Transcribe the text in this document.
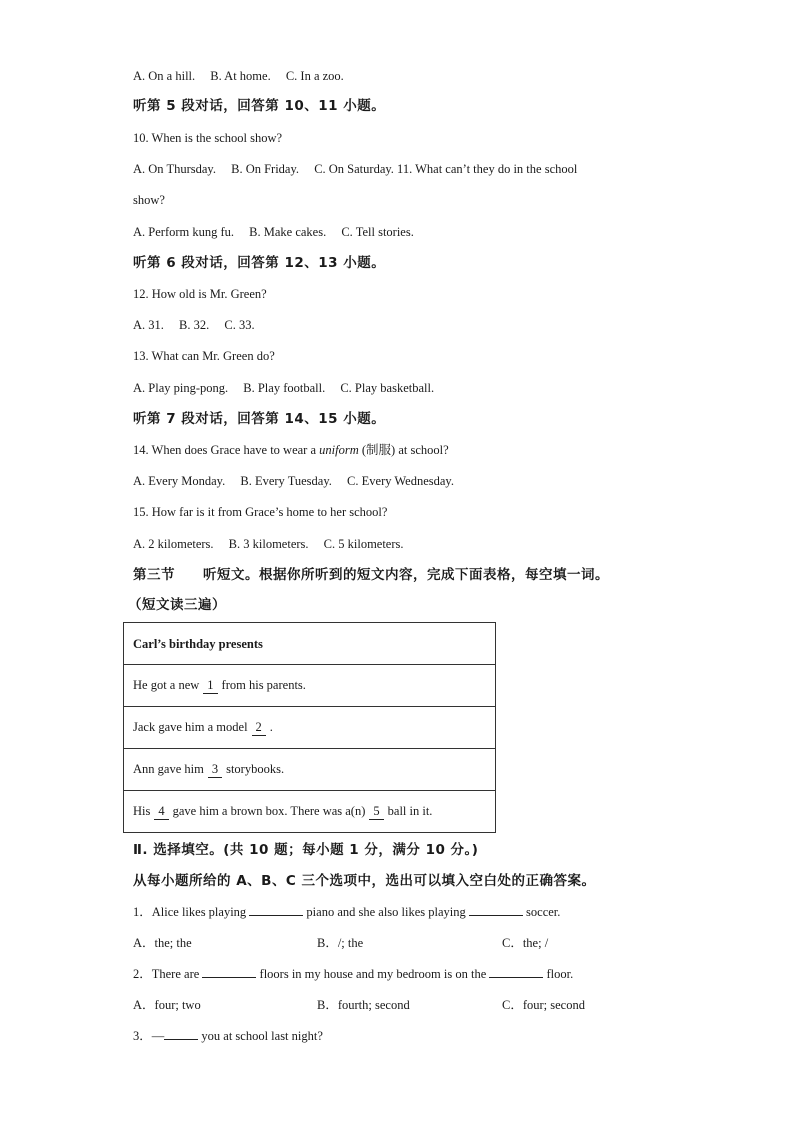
A. On a hill. B. At home. C. In a zoo.
听第 5 段对话，回答第 10、11 小题。
10. When is the school show?
A. On Thursday. B. On Friday. C. On Saturday. 11. What can’t they do in the school
show?
A. Perform kung fu. B. Make cakes. C. Tell stories.
听第 6 段对话，回答第 12、13 小题。
12. How old is Mr. Green?
A. 31. B. 32. C. 33.
13. What can Mr. Green do?
A. Play ping-pong. B. Play football. C. Play basketball.
听第 7 段对话，回答第 14、15 小题。
14. When does Grace have to wear a uniform (制服) at school?
A. Every Monday. B. Every Tuesday. C. Every Wednesday.
15. How far is it from Grace’s home to her school?
A. 2 kilometers. B. 3 kilometers. C. 5 kilometers.
第三节　　听短文。根据你所听到的短文内容，完成下面表格，每空填一词。
（短文读三遍）
Carl’s birthday presents
He got a new 1 from his parents.
Jack gave him a model 2 .
Ann gave him 3 storybooks.
His 4 gave him a brown box. There was a(n) 5 ball in it.
Ⅱ. 选择填空。(共 10 题；每小题 1 分，满分 10 分。)
从每小题所给的 A、B、C 三个选项中，选出可以填入空白处的正确答案。
1．Alice likes playing	piano and she also likes playing	soccer.
A．the; the	B．/; the	C．the; /
2．There are	floors in my house and my bedroom is on the	floor.
A．four; two	B．fourth; second	C．four; second
3．—	you at school last night?
